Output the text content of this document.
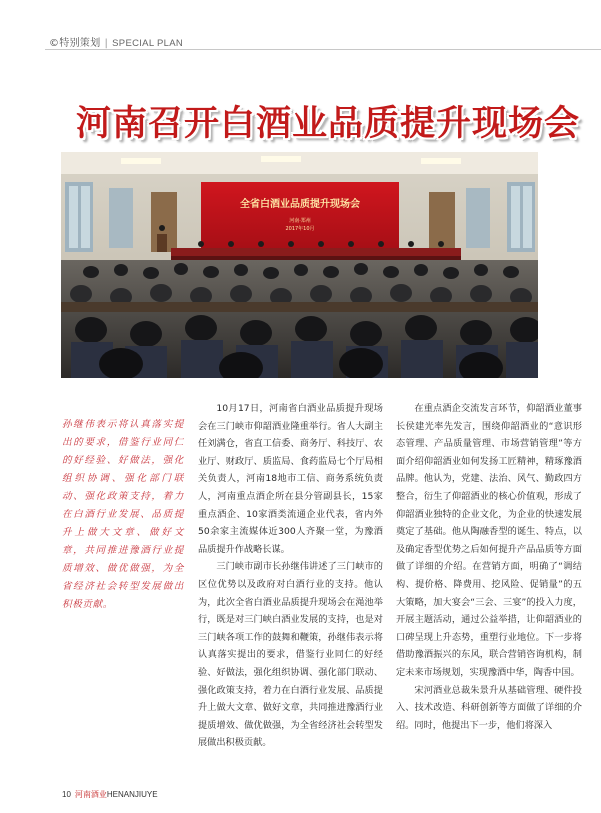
©特别策划 | SPECIAL PLAN
河南召开白酒业品质提升现场会
全省白酒业品质提升现场会
河南·郑州
2017年10月
孙继伟表示将认真落实提出的要求，借鉴行业同仁的好经验、好做法，强化组织协调、强化部门联动、强化政策支持，着力在白酒行业发展、品质提升上做大文章、做好文章，共同推进豫酒行业提质增效、做优做强，为全省经济社会转型发展做出积极贡献。

10月17日，河南省白酒业品质提升现场会在三门峡市仰韶酒业隆重举行。省人大副主任刘满仓，省直工信委、商务厅、科技厅、农业厅、财政厅、质监局、食药监局七个厅局相关负责人，河南18地市工信、商务系统负责人，河南重点酒企所在县分管副县长，15家重点酒企、10家酒类流通企业代表，省内外50余家主流媒体近300人齐聚一堂，为豫酒品质提升作战略长谋。

三门峡市副市长孙继伟讲述了三门峡市的区位优势以及政府对白酒行业的支持。他认为，此次全省白酒业品质提升现场会在渑池举行，既是对三门峡白酒业发展的支持，也是对三门峡各项工作的鼓舞和鞭策，孙继伟表示将认真落实提出的要求，借鉴行业同仁的好经验、好做法，强化组织协调、强化部门联动、强化政策支持，着力在白酒行业发展、品质提升上做大文章、做好文章，共同推进豫酒行业提质增效、做优做强，为全省经济社会转型发展做出积极贡献。

在重点酒企交流发言环节，仰韶酒业董事长侯建光率先发言，围绕仰韶酒业的“意识形态管理、产品质量管理、市场营销管理”等方面介绍仰韶酒业如何发扬工匠精神，精琢豫酒品牌。他认为，党建、法治、风气、勤政四方整合，衍生了仰韶酒业的核心价值观，形成了仰韶酒业独特的企业文化，为企业的快速发展奠定了基础。他从陶融香型的诞生、特点，以及确定香型优势之后如何提升产品品质等方面做了详细的介绍。在营销方面，明确了“调结构、提价格、降费用、挖风险、促销量”的五大策略，加大宴会“三会、三宴”的投入力度，开展主题活动，通过公益举措，让仰韶酒业的口碑呈现上升态势，重塑行业地位。下一步将借助豫酒振兴的东风，联合营销咨询机构，制定未来市场规划，实现豫酒中华，陶香中国。

宋河酒业总裁朱景升从基础管理、硬件投入、技术改造、科研创新等方面做了详细的介绍。同时，他提出下一步，他们将深入

10 河南酒业HENANJIUYE
